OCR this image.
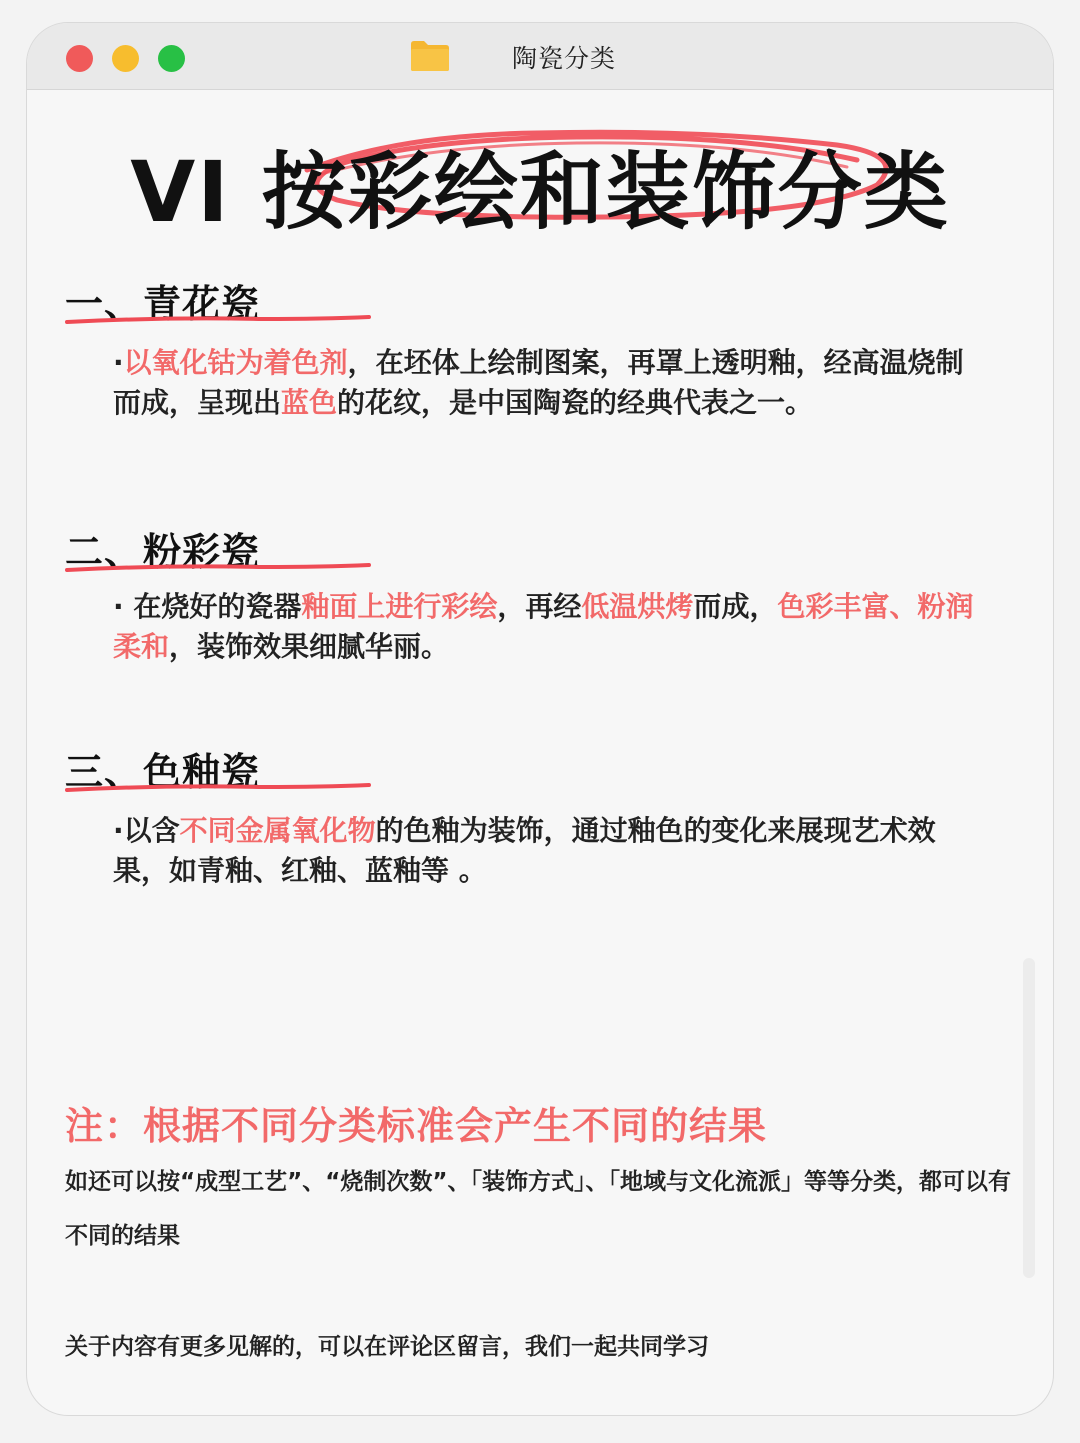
陶瓷分类
VI 按彩绘和装饰分类
一、青花瓷
·以氧化钴为着色剂，在坯体上绘制图案，再罩上透明釉，经高温烧制而成，呈现出蓝色的花纹，是中国陶瓷的经典代表之一。
二、粉彩瓷
· 在烧好的瓷器釉面上进行彩绘，再经低温烘烤而成，色彩丰富、粉润柔和，装饰效果细腻华丽。
三、色釉瓷
·以含不同金属氧化物的色釉为装饰，通过釉色的变化来展现艺术效果，如青釉、红釉、蓝釉等 。
注：根据不同分类标准会产生不同的结果
如还可以按“成型工艺”、“烧制次数”、「装饰方式」、「地域与文化流派」等等分类，都可以有不同的结果
关于内容有更多见解的，可以在评论区留言，我们一起共同学习
